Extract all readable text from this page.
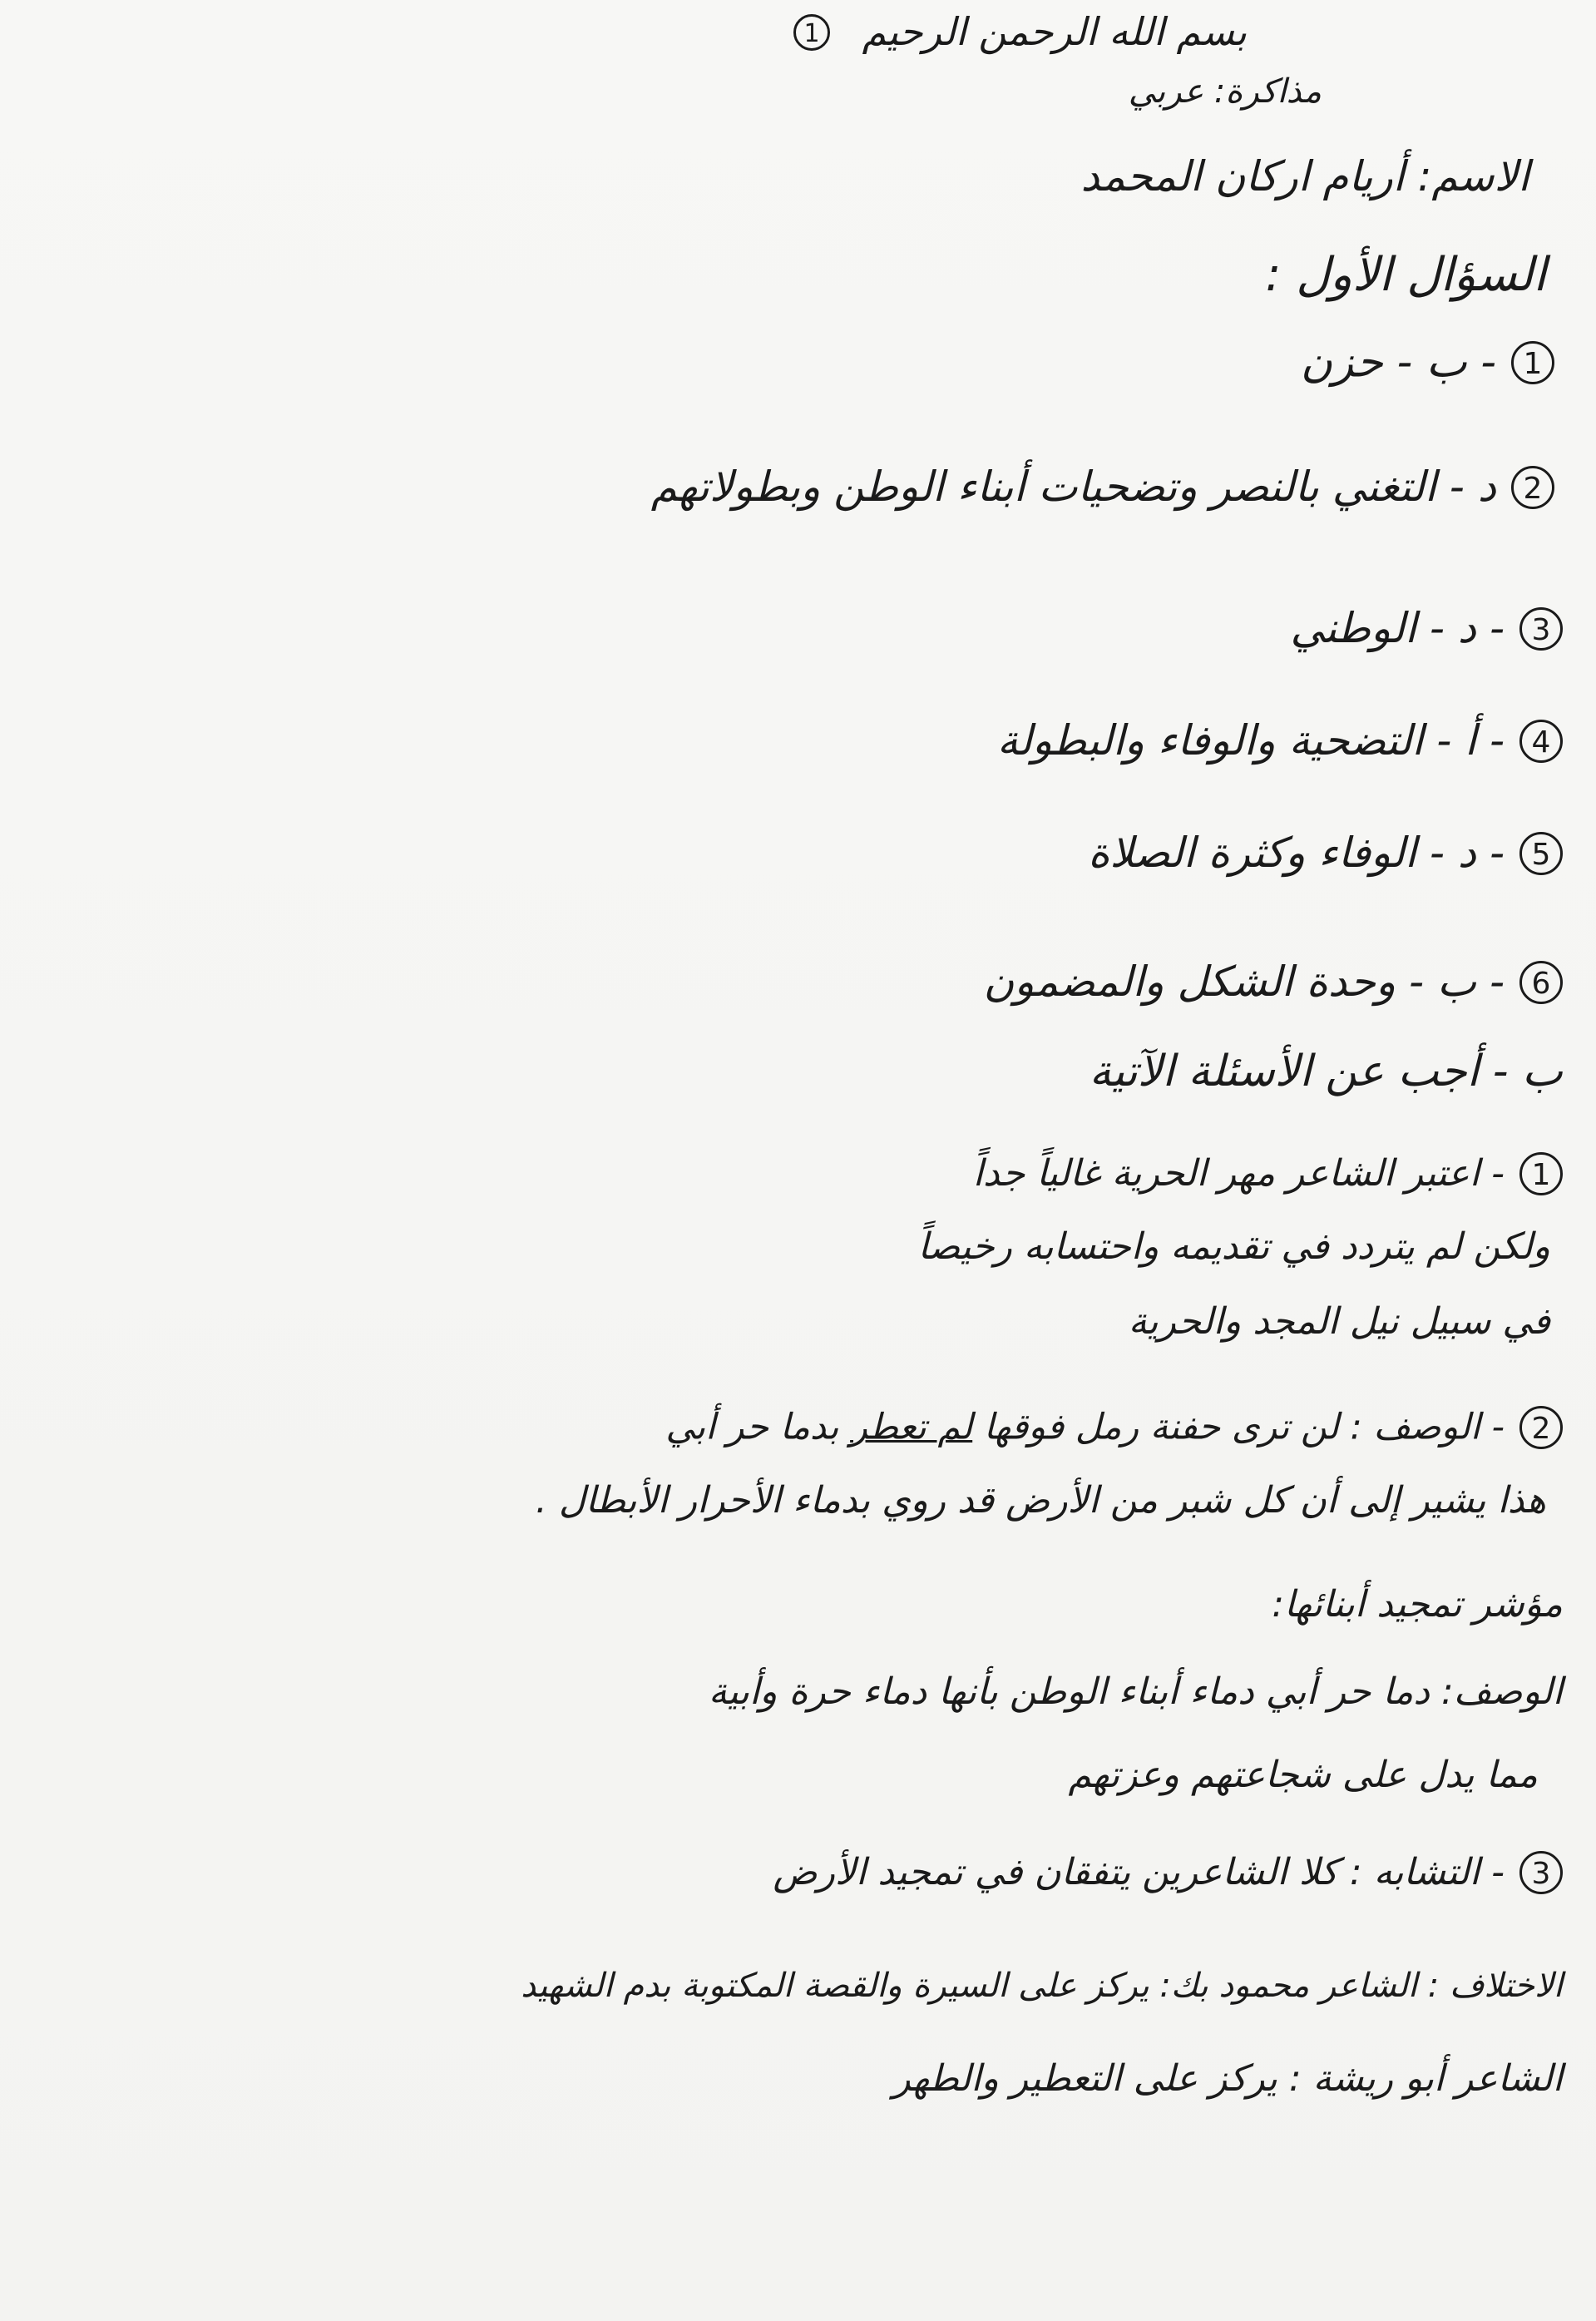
بسم الله الرحمن الرحيم 1
مذاكرة: عربي
الاسم: أريام اركان المحمد
السؤال الأول :
1- ب - حزن
2د - التغني بالنصر وتضحيات أبناء الوطن وبطولاتهم
3- د - الوطني
4- أ - التضحية والوفاء والبطولة
5- د - الوفاء وكثرة الصلاة
6- ب - وحدة الشكل والمضمون
ب - أجب عن الأسئلة الآتية
1- اعتبر الشاعر مهر الحرية غالياً جداً
ولكن لم يتردد في تقديمه واحتسابه رخيصاً
في سبيل نيل المجد والحرية
2- الوصف : لن ترى حفنة رمل فوقها لم تعطر بدما حر أبي
هذا يشير إلى أن كل شبر من الأرض قد روي بدماء الأحرار الأبطال .
مؤشر تمجيد أبنائها:
الوصف: دما حر أبي دماء أبناء الوطن بأنها دماء حرة وأبية
مما يدل على شجاعتهم وعزتهم
3- التشابه : كلا الشاعرين يتفقان في تمجيد الأرض
الاختلاف : الشاعر محمود بك: يركز على السيرة والقصة المكتوبة بدم الشهيد
الشاعر أبو ريشة : يركز على التعطير والطهر
